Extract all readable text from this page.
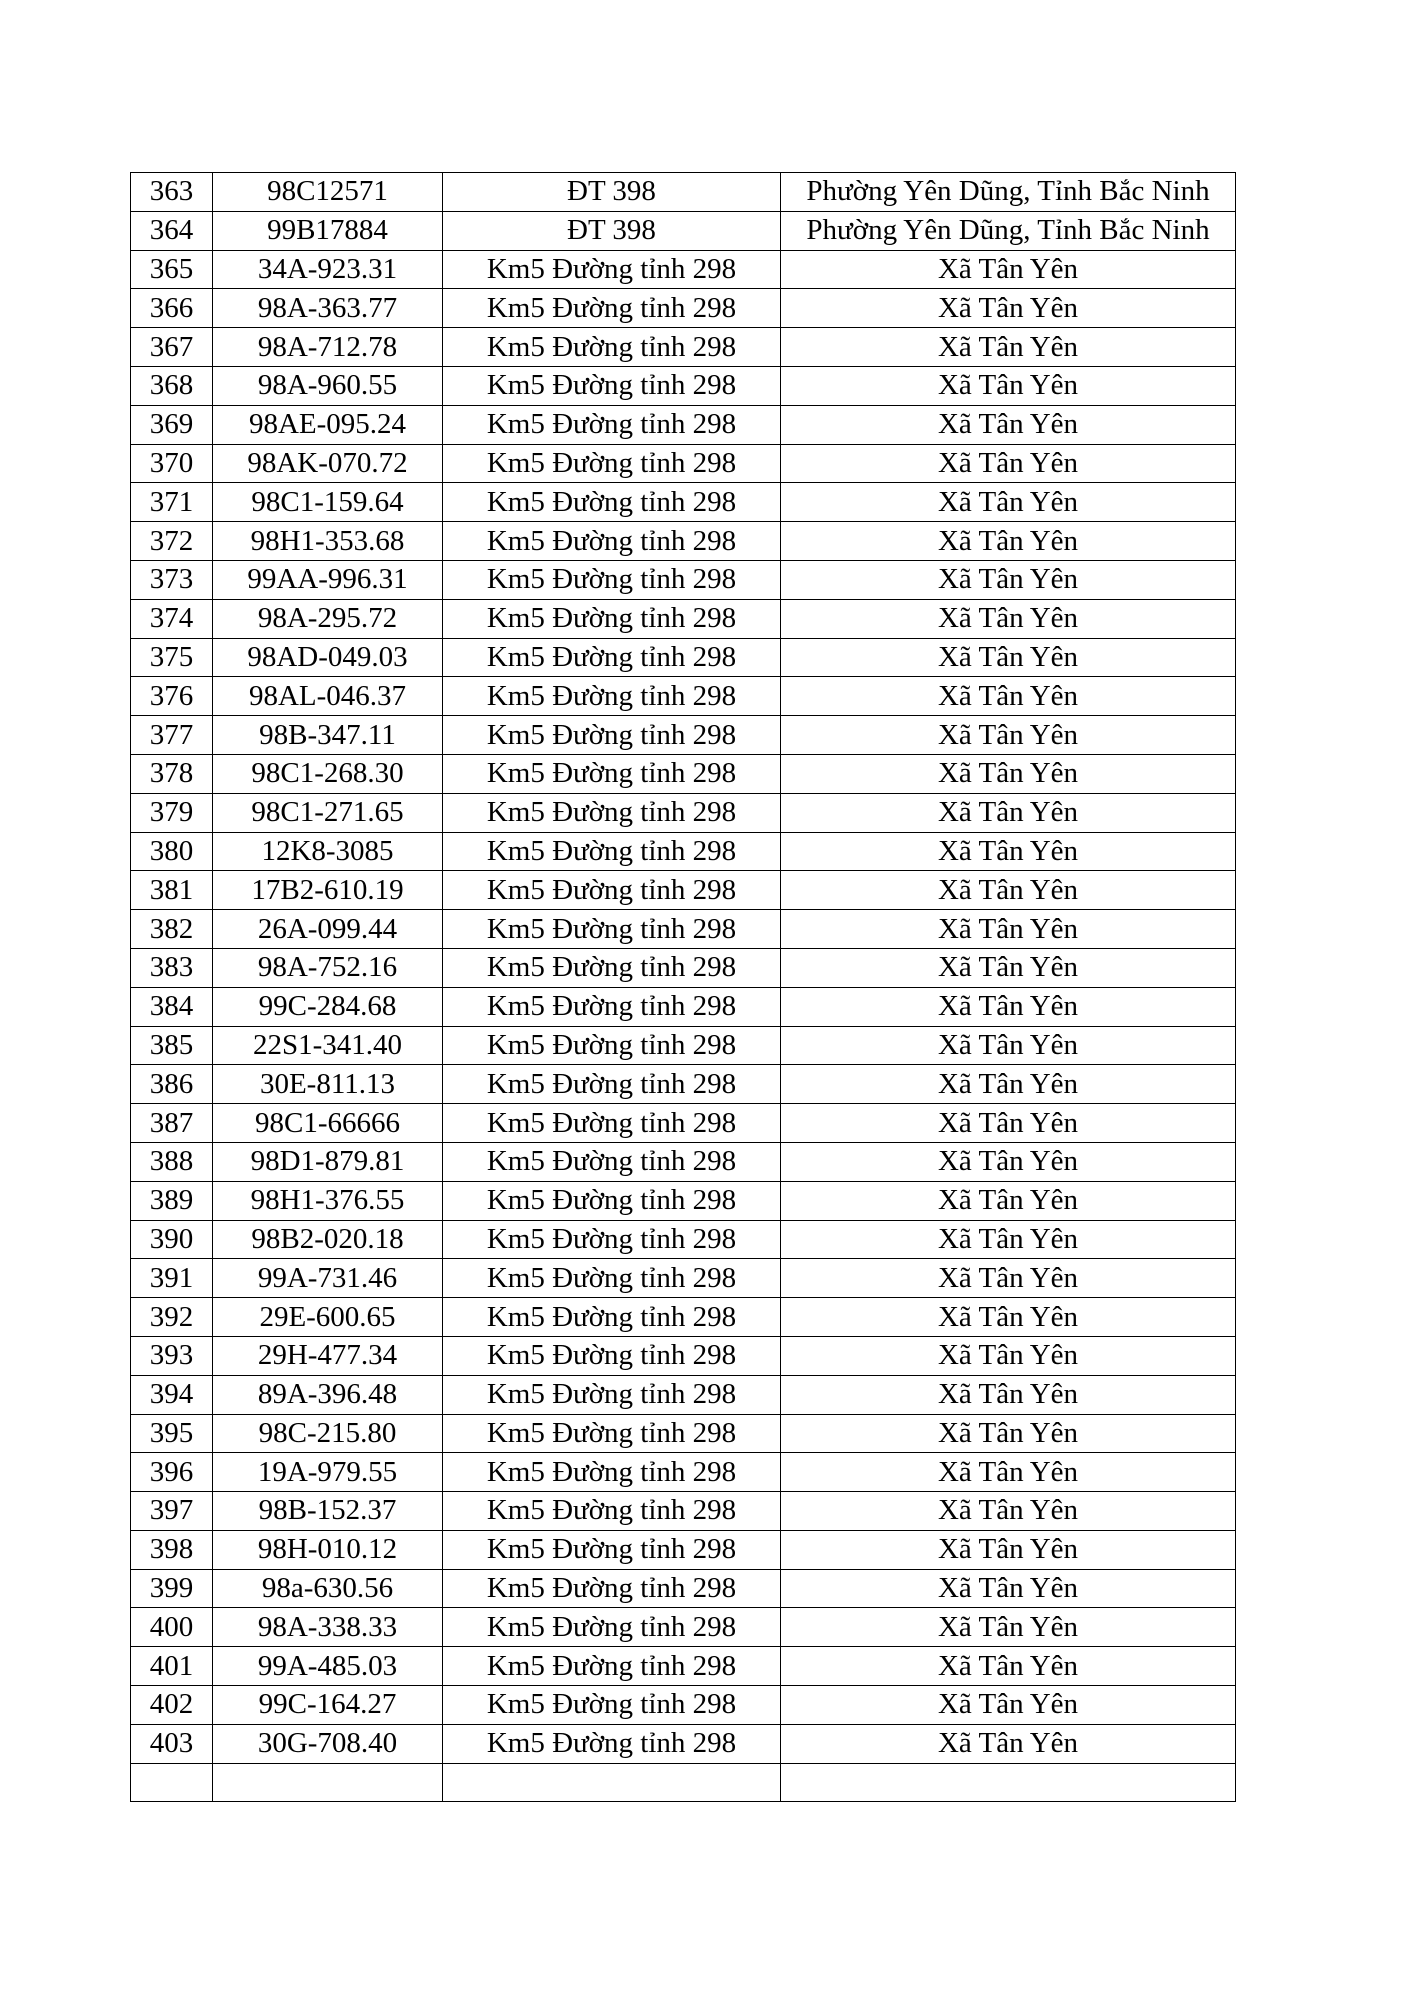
363	98C12571	ĐT 398	Phường Yên Dũng, Tỉnh Bắc Ninh
364	99B17884	ĐT 398	Phường Yên Dũng, Tỉnh Bắc Ninh
365	34A-923.31	Km5 Đường tỉnh 298	Xã Tân Yên
366	98A-363.77	Km5 Đường tỉnh 298	Xã Tân Yên
367	98A-712.78	Km5 Đường tỉnh 298	Xã Tân Yên
368	98A-960.55	Km5 Đường tỉnh 298	Xã Tân Yên
369	98AE-095.24	Km5 Đường tỉnh 298	Xã Tân Yên
370	98AK-070.72	Km5 Đường tỉnh 298	Xã Tân Yên
371	98C1-159.64	Km5 Đường tỉnh 298	Xã Tân Yên
372	98H1-353.68	Km5 Đường tỉnh 298	Xã Tân Yên
373	99AA-996.31	Km5 Đường tỉnh 298	Xã Tân Yên
374	98A-295.72	Km5 Đường tỉnh 298	Xã Tân Yên
375	98AD-049.03	Km5 Đường tỉnh 298	Xã Tân Yên
376	98AL-046.37	Km5 Đường tỉnh 298	Xã Tân Yên
377	98B-347.11	Km5 Đường tỉnh 298	Xã Tân Yên
378	98C1-268.30	Km5 Đường tỉnh 298	Xã Tân Yên
379	98C1-271.65	Km5 Đường tỉnh 298	Xã Tân Yên
380	12K8-3085	Km5 Đường tỉnh 298	Xã Tân Yên
381	17B2-610.19	Km5 Đường tỉnh 298	Xã Tân Yên
382	26A-099.44	Km5 Đường tỉnh 298	Xã Tân Yên
383	98A-752.16	Km5 Đường tỉnh 298	Xã Tân Yên
384	99C-284.68	Km5 Đường tỉnh 298	Xã Tân Yên
385	22S1-341.40	Km5 Đường tỉnh 298	Xã Tân Yên
386	30E-811.13	Km5 Đường tỉnh 298	Xã Tân Yên
387	98C1-66666	Km5 Đường tỉnh 298	Xã Tân Yên
388	98D1-879.81	Km5 Đường tỉnh 298	Xã Tân Yên
389	98H1-376.55	Km5 Đường tỉnh 298	Xã Tân Yên
390	98B2-020.18	Km5 Đường tỉnh 298	Xã Tân Yên
391	99A-731.46	Km5 Đường tỉnh 298	Xã Tân Yên
392	29E-600.65	Km5 Đường tỉnh 298	Xã Tân Yên
393	29H-477.34	Km5 Đường tỉnh 298	Xã Tân Yên
394	89A-396.48	Km5 Đường tỉnh 298	Xã Tân Yên
395	98C-215.80	Km5 Đường tỉnh 298	Xã Tân Yên
396	19A-979.55	Km5 Đường tỉnh 298	Xã Tân Yên
397	98B-152.37	Km5 Đường tỉnh 298	Xã Tân Yên
398	98H-010.12	Km5 Đường tỉnh 298	Xã Tân Yên
399	98a-630.56	Km5 Đường tỉnh 298	Xã Tân Yên
400	98A-338.33	Km5 Đường tỉnh 298	Xã Tân Yên
401	99A-485.03	Km5 Đường tỉnh 298	Xã Tân Yên
402	99C-164.27	Km5 Đường tỉnh 298	Xã Tân Yên
403	30G-708.40	Km5 Đường tỉnh 298	Xã Tân Yên
